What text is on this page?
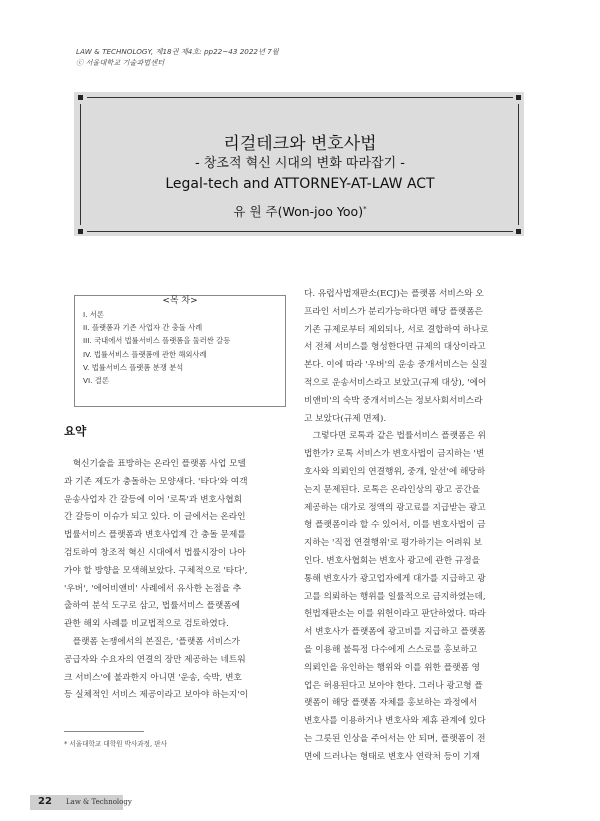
LAW & TECHNOLOGY, 제18권 제4호: pp22~43 2022년 7월
ⓒ 서울대학교 기술과법센터
리걸테크와 변호사법
- 창조적 혁신 시대의 변화 따라잡기 -
Legal-tech and ATTORNEY-AT-LAW ACT
유 원 주(Won-joo Yoo)*
<목 차>
I. 서론
II. 플랫폼과 기존 사업자 간 충돌 사례
III. 국내에서 법률서비스 플랫폼을 둘러싼 갈등
IV. 법률서비스 플랫폼에 관한 해외사례
V. 법률서비스 플랫폼 분쟁 분석
VI. 결론
요약

　혁신기술을 표방하는 온라인 플랫폼 사업 모델

과 기존 제도가 충돌하는 모양새다. '타다'와 여객

운송사업자 간 갈등에 이어 '로톡'과 변호사협회

간 갈등이 이슈가 되고 있다. 이 글에서는 온라인

법률서비스 플랫폼과 변호사업계 간 충돌 문제를

검토하여 창조적 혁신 시대에서 법률시장이 나아

가야 할 방향을 모색해보았다. 구체적으로 '타다',

'우버', '에어비앤비' 사례에서 유사한 논점을 추

출하여 분석 도구로 삼고, 법률서비스 플랫폼에

관한 해외 사례를 비교법적으로 검토하였다.

　플랫폼 논쟁에서의 본질은, '플랫폼 서비스가

공급자와 수요자의 연결의 장만 제공하는 네트워

크 서비스'에 불과한지 아니면 '운송, 숙박, 변호

등 실체적인 서비스 제공이라고 보아야 하는지'이

다. 유럽사법재판소(ECJ)는 플랫폼 서비스와 오

프라인 서비스가 분리가능하다면 해당 플랫폼은

기존 규제로부터 제외되나, 서로 결합하여 하나로

서 전체 서비스를 형성한다면 규제의 대상이라고

본다. 이에 따라 '우버'의 운송 중개서비스는 실질

적으로 운송서비스라고 보았고(규제 대상), '에어

비앤비'의 숙박 중개서비스는 정보사회서비스라

고 보았다(규제 면제).

　그렇다면 로톡과 같은 법률서비스 플랫폼은 위

법한가? 로톡 서비스가 변호사법이 금지하는 '변

호사와 의뢰인의 연결행위, 중개, 알선'에 해당하

는지 문제된다. 로톡은 온라인상의 광고 공간을

제공하는 대가로 정액의 광고료를 지급받는 광고

형 플랫폼이라 할 수 있어서, 이를 변호사법이 금

지하는 '직접 연결행위'로 평가하기는 어려워 보

인다. 변호사협회는 변호사 광고에 관한 규정을

통해 변호사가 광고업자에게 대가를 지급하고 광

고를 의뢰하는 행위를 일률적으로 금지하였는데,

헌법재판소는 이를 위헌이라고 판단하였다. 따라

서 변호사가 플랫폼에 광고비를 지급하고 플랫폼

을 이용해 불특정 다수에게 스스로를 홍보하고

의뢰인을 유인하는 행위와 이를 위한 플랫폼 영

업은 허용된다고 보아야 한다. 그러나 광고형 플

랫폼이 해당 플랫폼 자체를 홍보하는 과정에서

변호사를 이용하거나 변호사와 제휴 관계에 있다

는 그릇된 인상을 주어서는 안 되며, 플랫폼이 전

면에 드러나는 형태로 변호사 연락처 등이 기재

* 서울대학교 대학원 박사과정, 판사
22 Law & Technology
